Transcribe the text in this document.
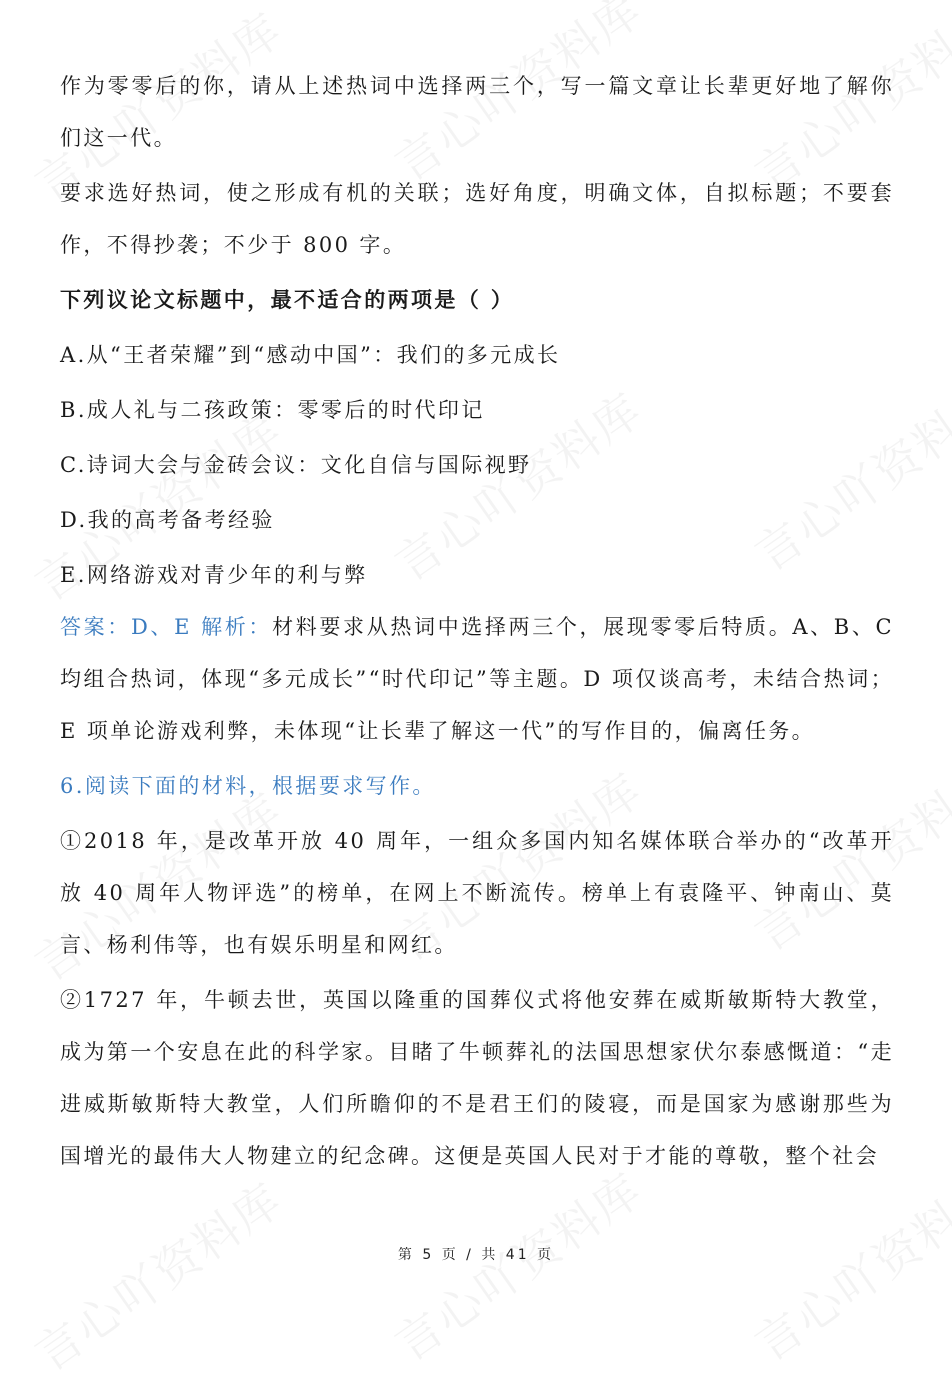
作为零零后的你，请从上述热词中选择两三个，写一篇文章让长辈更好地了解你们这一代。

要求选好热词，使之形成有机的关联；选好角度，明确文体，自拟标题；不要套作，不得抄袭；不少于 800 字。

下列议论文标题中，最不适合的两项是（ ）

A.从“王者荣耀”到“感动中国”：我们的多元成长

B.成人礼与二孩政策：零零后的时代印记

C.诗词大会与金砖会议：文化自信与国际视野

D.我的高考备考经验

E.网络游戏对青少年的利与弊

答案：D、E 解析：材料要求从热词中选择两三个，展现零零后特质。A、B、C 均组合热词，体现“多元成长”“时代印记”等主题。D 项仅谈高考，未结合热词；E 项单论游戏利弊，未体现“让长辈了解这一代”的写作目的，偏离任务。

6.阅读下面的材料，根据要求写作。

①2018 年，是改革开放 40 周年，一组众多国内知名媒体联合举办的“改革开放 40 周年人物评选”的榜单，在网上不断流传。榜单上有袁隆平、钟南山、莫言、杨利伟等，也有娱乐明星和网红。

②1727 年，牛顿去世，英国以隆重的国葬仪式将他安葬在威斯敏斯特大教堂，成为第一个安息在此的科学家。目睹了牛顿葬礼的法国思想家伏尔泰感慨道：“走进威斯敏斯特大教堂，人们所瞻仰的不是君王们的陵寝，而是国家为感谢那些为国增光的最伟大人物建立的纪念碑。这便是英国人民对于才能的尊敬，整个社会

第 5 页 / 共 41 页
